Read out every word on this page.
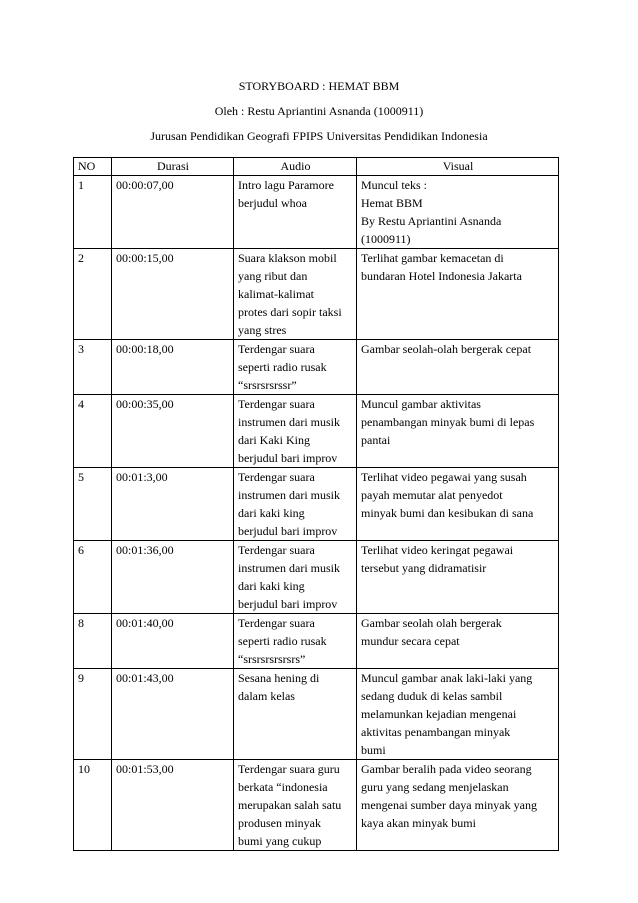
STORYBOARD : HEMAT BBM
Oleh : Restu Apriantini Asnanda (1000911)
Jurusan Pendidikan Geografi FPIPS Universitas Pendidikan Indonesia
NO	Durasi	Audio	Visual
1	00:00:07,00	Intro lagu Paramore
berjudul whoa	Muncul teks :
Hemat BBM
By Restu Apriantini Asnanda
(1000911)

2	00:00:15,00	Suara klakson mobil
yang ribut dan
kalimat-kalimat
protes dari sopir taksi
yang stres	Terlihat gambar kemacetan di
bundaran Hotel Indonesia Jakarta

3	00:00:18,00	Terdengar suara
seperti radio rusak
“srsrsrsrssr”	Gambar seolah-olah bergerak cepat

4	00:00:35,00	Terdengar suara
instrumen dari musik
dari Kaki King
berjudul bari improv	Muncul gambar aktivitas
penambangan minyak bumi di lepas
pantai

5	00:01:3,00	Terdengar suara
instrumen dari musik
dari kaki king
berjudul bari improv	Terlihat video pegawai yang susah
payah memutar alat penyedot
minyak bumi dan kesibukan di sana

6	00:01:36,00	Terdengar suara
instrumen dari musik
dari kaki king
berjudul bari improv	Terlihat video keringat pegawai
tersebut yang didramatisir

8	00:01:40,00	Terdengar suara
seperti radio rusak
“srsrsrsrsrsrs”	Gambar seolah olah bergerak
mundur secara cepat

9	00:01:43,00	Sesana hening di
dalam kelas	Muncul gambar anak laki-laki yang
sedang duduk di kelas sambil
melamunkan kejadian mengenai
aktivitas penambangan minyak
bumi

10	00:01:53,00	Terdengar suara guru
berkata “indonesia
merupakan salah satu
produsen minyak
bumi yang cukup	Gambar beralih pada video seorang
guru yang sedang menjelaskan
mengenai sumber daya minyak yang
kaya akan minyak bumi
